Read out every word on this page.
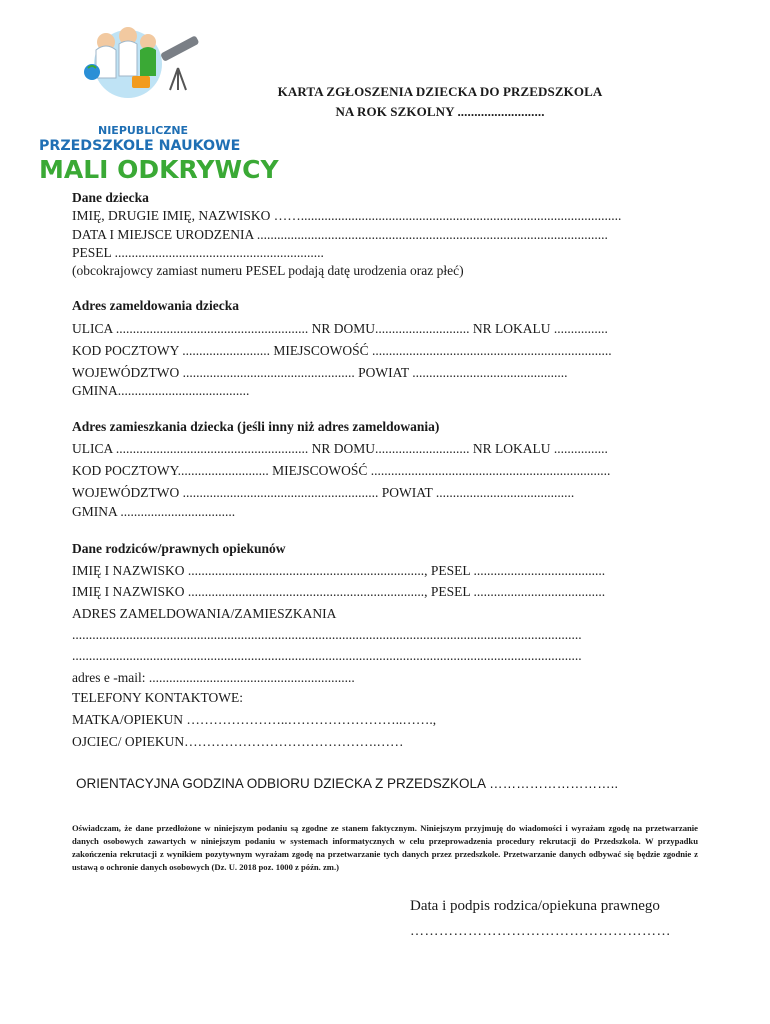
NIEPUBLICZNE
PRZEDSZKOLE NAUKOWE
MALI ODKRYWCY
KARTA ZGŁOSZENIA DZIECKA DO PRZEDSZKOLA
NA ROK SZKOLNY ..........................
Dane dziecka
IMIĘ, DRUGIE IMIĘ, NAZWISKO ……...............................................................................................
DATA I MIEJSCE URODZENIA ........................................................................................................
PESEL ..............................................................
(obcokrajowcy zamiast numeru PESEL podają datę urodzenia oraz płeć)
Adres zameldowania dziecka
ULICA ......................................................... NR DOMU............................ NR LOKALU ................
KOD POCZTOWY .......................... MIEJSCOWOŚĆ .......................................................................
WOJEWÓDZTWO ................................................... POWIAT ..............................................
GMINA.......................................
Adres zamieszkania dziecka (jeśli inny niż adres zameldowania)
ULICA ......................................................... NR DOMU............................ NR LOKALU ................
KOD POCZTOWY........................... MIEJSCOWOŚĆ .......................................................................
WOJEWÓDZTWO .......................................................... POWIAT .........................................
GMINA ..................................
Dane rodziców/prawnych opiekunów
IMIĘ I NAZWISKO ......................................................................, PESEL .......................................
IMIĘ I NAZWISKO ......................................................................, PESEL .......................................
ADRES ZAMELDOWANIA/ZAMIESZKANIA
.......................................................................................................................................................
.......................................................................................................................................................
adres e -mail: .............................................................
TELEFONY KONTAKTOWE:
MATKA/OPIEKUN …………………..……………………..…….,
OJCIEC/ OPIEKUN…………………………………….……
ORIENTACYJNA GODZINA ODBIORU DZIECKA Z PRZEDSZKOLA ………………………..
Oświadczam, że dane przedłożone w niniejszym podaniu są zgodne ze stanem faktycznym. Niniejszym przyjmuję do wiadomości i wyrażam zgodę na przetwarzanie danych osobowych zawartych w niniejszym podaniu w systemach informatycznych w celu przeprowadzenia procedury rekrutacji do Przedszkola. W przypadku zakończenia rekrutacji z wynikiem pozytywnym wyrażam zgodę na przetwarzanie tych danych przez przedszkole. Przetwarzanie danych odbywać się będzie zgodnie z ustawą o ochronie danych osobowych (Dz. U. 2018 poz. 1000 z późn. zm.)
Data i podpis rodzica/opiekuna prawnego
………………………………………………
